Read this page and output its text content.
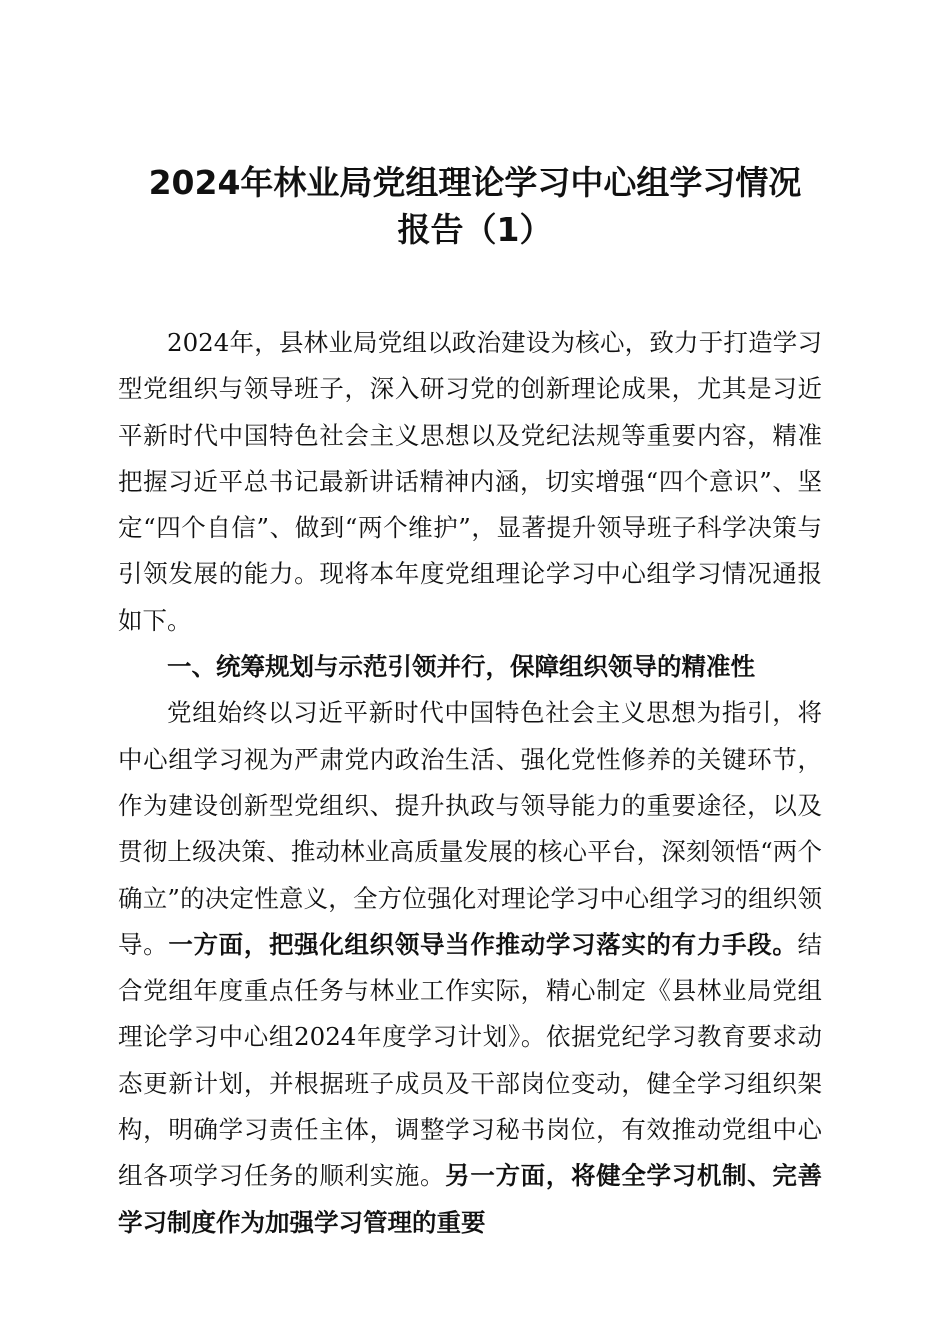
2024年林业局党组理论学习中心组学习情况
报告（1）

2024年，县林业局党组以政治建设为核心，致力于打造学习型党组织与领导班子，深入研习党的创新理论成果，尤其是习近平新时代中国特色社会主义思想以及党纪法规等重要内容，精准把握习近平总书记最新讲话精神内涵，切实增强“四个意识”、坚定“四个自信”、做到“两个维护”，显著提升领导班子科学决策与引领发展的能力。现将本年度党组理论学习中心组学习情况通报如下。

一、统筹规划与示范引领并行，保障组织领导的精准性

党组始终以习近平新时代中国特色社会主义思想为指引，将中心组学习视为严肃党内政治生活、强化党性修养的关键环节，作为建设创新型党组织、提升执政与领导能力的重要途径，以及贯彻上级决策、推动林业高质量发展的核心平台，深刻领悟“两个确立”的决定性意义，全方位强化对理论学习中心组学习的组织领导。一方面，把强化组织领导当作推动学习落实的有力手段。结合党组年度重点任务与林业工作实际，精心制定《县林业局党组理论学习中心组2024年度学习计划》。依据党纪学习教育要求动态更新计划，并根据班子成员及干部岗位变动，健全学习组织架构，明确学习责任主体，调整学习秘书岗位，有效推动党组中心组各项学习任务的顺利实施。另一方面，将健全学习机制、完善学习制度作为加强学习管理的重要
